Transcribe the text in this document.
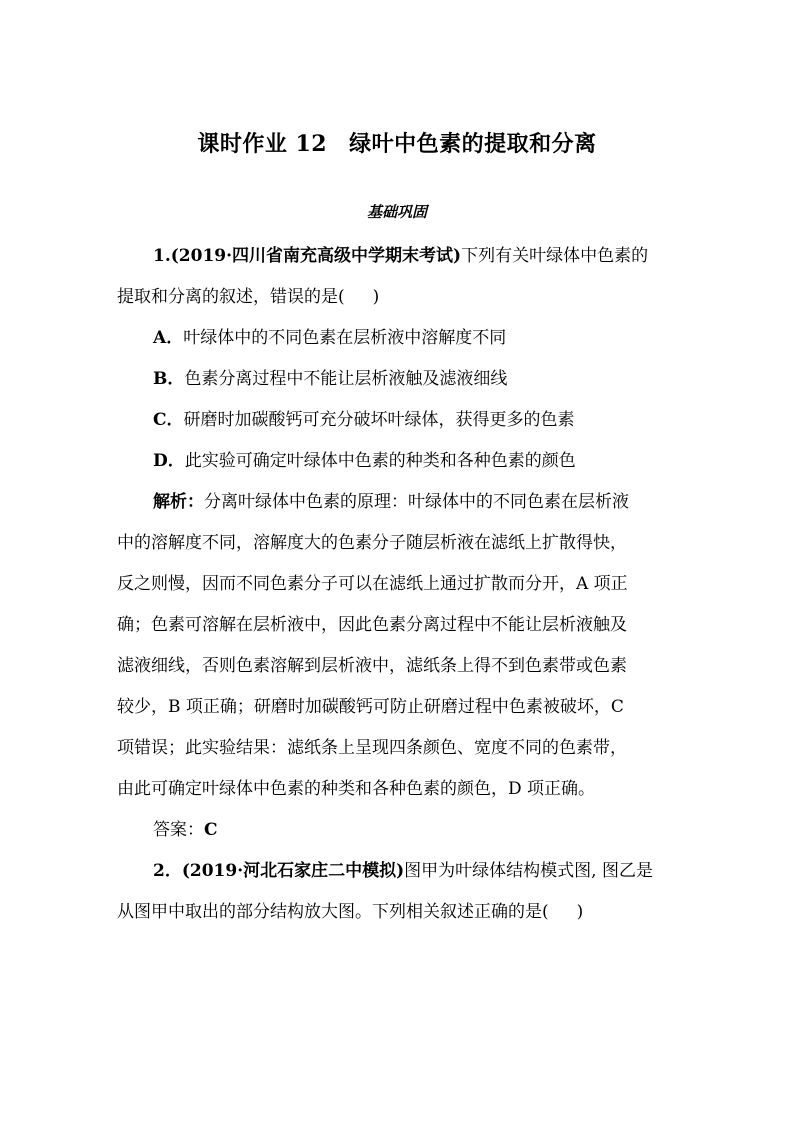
课时作业 12 绿叶中色素的提取和分离
基础巩固
1.(2019·四川省南充高级中学期末考试)下列有关叶绿体中色素的
提取和分离的叙述，错误的是( )
A．叶绿体中的不同色素在层析液中溶解度不同
B．色素分离过程中不能让层析液触及滤液细线
C．研磨时加碳酸钙可充分破坏叶绿体，获得更多的色素
D．此实验可确定叶绿体中色素的种类和各种色素的颜色
解析：分离叶绿体中色素的原理：叶绿体中的不同色素在层析液
中的溶解度不同，溶解度大的色素分子随层析液在滤纸上扩散得快，
反之则慢，因而不同色素分子可以在滤纸上通过扩散而分开，A 项正
确；色素可溶解在层析液中，因此色素分离过程中不能让层析液触及
滤液细线，否则色素溶解到层析液中，滤纸条上得不到色素带或色素
较少，B 项正确；研磨时加碳酸钙可防止研磨过程中色素被破坏，C
项错误；此实验结果：滤纸条上呈现四条颜色、宽度不同的色素带，
由此可确定叶绿体中色素的种类和各种色素的颜色，D 项正确。
答案：C
2．(2019·河北石家庄二中模拟)图甲为叶绿体结构模式图, 图乙是
从图甲中取出的部分结构放大图。下列相关叙述正确的是( )
